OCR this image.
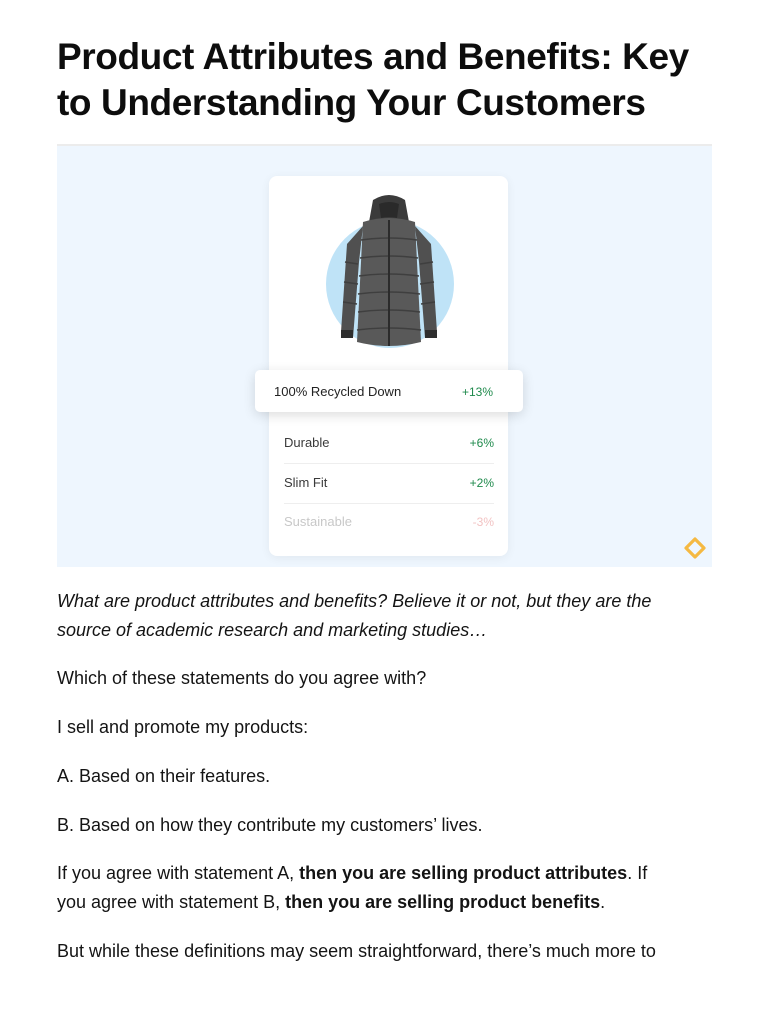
Product Attributes and Benefits: Key
to Understanding Your Customers
Durable	+6%
Slim Fit	+2%
Sustainable	-3%
100% Recycled Down	+13%

What are product attributes and benefits? Believe it or not, but they are the
source of academic research and marketing studies…

Which of these statements do you agree with?

I sell and promote my products:

A. Based on their features.

B. Based on how they contribute my customers’ lives.

If you agree with statement A, then you are selling product attributes. If
you agree with statement B, then you are selling product benefits.

But while these definitions may seem straightforward, there’s much more to
